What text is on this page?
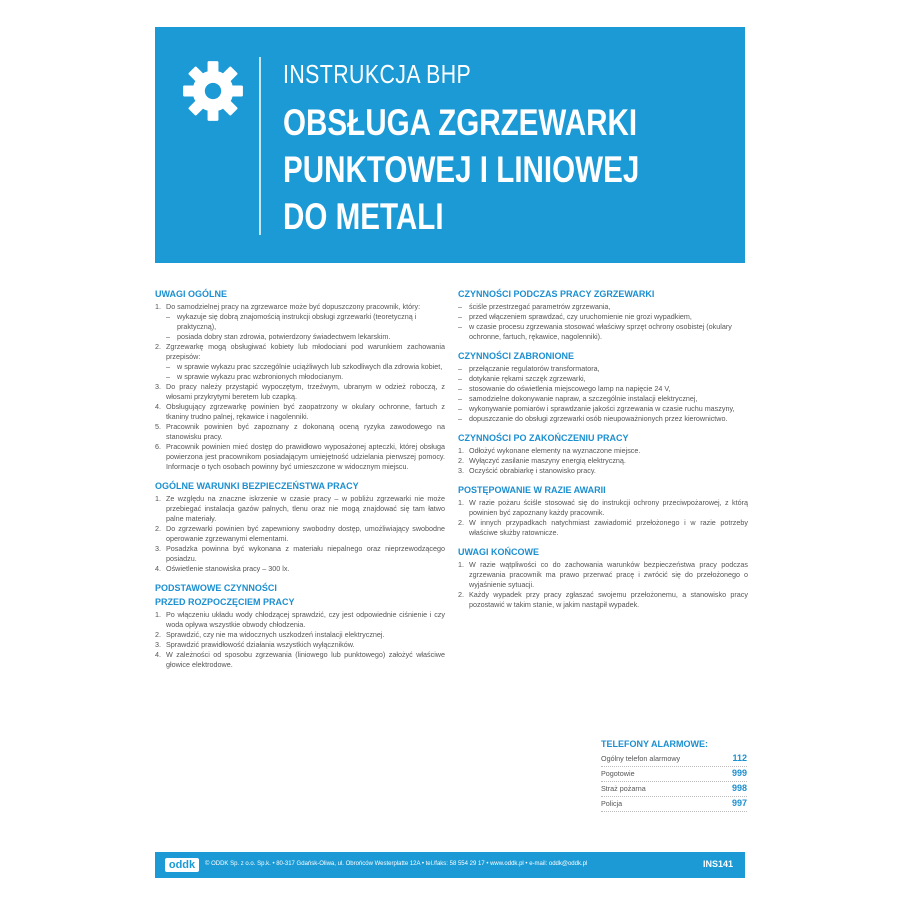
INSTRUKCJA BHP
OBSŁUGA ZGRZEWARKI
PUNKTOWEJ I LINIOWEJ
DO METALI
UWAGI OGÓLNE
1. Do samodzielnej pracy na zgrzewarce może być dopuszczony pracownik, który:
– wykazuje się dobrą znajomością instrukcji obsługi zgrzewarki (teoretyczną i praktyczną),
– posiada dobry stan zdrowia, potwierdzony świadectwem lekarskim.
2. Zgrzewarkę mogą obsługiwać kobiety lub młodociani pod warunkiem zachowania przepisów:
– w sprawie wykazu prac szczególnie uciążliwych lub szkodliwych dla zdrowia kobiet,
– w sprawie wykazu prac wzbronionych młodocianym.
3. Do pracy należy przystąpić wypoczętym, trzeźwym, ubranym w odzież roboczą, z włosami przykrytymi beretem lub czapką.
4. Obsługujący zgrzewarkę powinien być zaopatrzony w okulary ochronne, fartuch z tkaniny trudno palnej, rękawice i nagolenniki.
5. Pracownik powinien być zapoznany z dokonaną oceną ryzyka zawodowego na stanowisku pracy.
6. Pracownik powinien mieć dostęp do prawidłowo wyposażonej apteczki, której obsługa powierzona jest pracownikom posiadającym umiejętność udzielania pierwszej pomocy. Informacje o tych osobach powinny być umieszczone w widocznym miejscu.
OGÓLNE WARUNKI BEZPIECZEŃSTWA PRACY
1. Ze względu na znaczne iskrzenie w czasie pracy – w pobliżu zgrzewarki nie może przebiegać instalacja gazów palnych, tlenu oraz nie mogą znajdować się tam łatwo palne materiały.
2. Do zgrzewarki powinien być zapewniony swobodny dostęp, umożliwiający swobodne operowanie zgrzewanymi elementami.
3. Posadzka powinna być wykonana z materiału niepalnego oraz nieprzewodzącego posiadzu.
4. Oświetlenie stanowiska pracy – 300 lx.
PODSTAWOWE CZYNNOŚCI
PRZED ROZPOCZĘCIEM PRACY
1. Po włączeniu układu wody chłodzącej sprawdzić, czy jest odpowiednie ciśnienie i czy woda opływa wszystkie obwody chłodzenia.
2. Sprawdzić, czy nie ma widocznych uszkodzeń instalacji elektrycznej.
3. Sprawdzić prawidłowość działania wszystkich wyłączników.
4. W zależności od sposobu zgrzewania (liniowego lub punktowego) założyć właściwe głowice elektrodowe.
CZYNNOŚCI PODCZAS PRACY ZGRZEWARKI
– ściśle przestrzegać parametrów zgrzewania,
– przed włączeniem sprawdzać, czy uruchomienie nie grozi wypadkiem,
– w czasie procesu zgrzewania stosować właściwy sprzęt ochrony osobistej (okulary ochronne, fartuch, rękawice, nagolenniki).
CZYNNOŚCI ZABRONIONE
– przełączanie regulatorów transformatora,
– dotykanie rękami szczęk zgrzewarki,
– stosowanie do oświetlenia miejscowego lamp na napięcie 24 V,
– samodzielne dokonywanie napraw, a szczególnie instalacji elektrycznej,
– wykonywanie pomiarów i sprawdzanie jakości zgrzewania w czasie ruchu maszyny,
– dopuszczanie do obsługi zgrzewarki osób nieupoważnionych przez kierownictwo.
CZYNNOŚCI PO ZAKOŃCZENIU PRACY
1. Odłożyć wykonane elementy na wyznaczone miejsce.
2. Wyłączyć zasilanie maszyny energią elektryczną.
3. Oczyścić obrabiarkę i stanowisko pracy.
POSTĘPOWANIE W RAZIE AWARII
1. W razie pożaru ściśle stosować się do instrukcji ochrony przeciwpożarowej, z którą powinien być zapoznany każdy pracownik.
2. W innych przypadkach natychmiast zawiadomić przełożonego i w razie potrzeby właściwe służby ratownicze.
UWAGI KOŃCOWE
1. W razie wątpliwości co do zachowania warunków bezpieczeństwa pracy podczas zgrzewania pracownik ma prawo przerwać pracę i zwrócić się do przełożonego o wyjaśnienie sytuacji.
2. Każdy wypadek przy pracy zgłaszać swojemu przełożonemu, a stanowisko pracy pozostawić w takim stanie, w jakim nastąpił wypadek.
TELEFONY ALARMOWE:
Ogólny telefon alarmowy	112
Pogotowie	999
Straż pożarna	998
Policja	997
oddk	© ODDK Sp. z o.o. Sp.k. • 80-317 Gdańsk-Oliwa, ul. Obrońców Westerplatte 12A • tel./faks: 58 554 29 17 • www.oddk.pl • e-mail: oddk@oddk.pl	INS141
